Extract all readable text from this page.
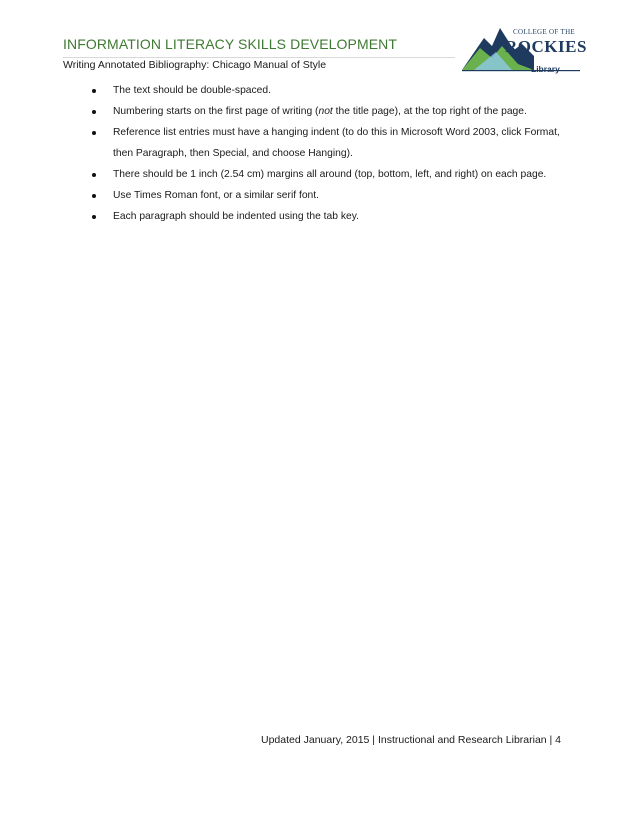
INFORMATION LITERACY SKILLS DEVELOPMENT
Writing Annotated Bibliography: Chicago Manual of Style
COLLEGE OF THE
ROCKIES
Library
The text should be double-spaced.
Numbering starts on the first page of writing (not the title page), at the top right of the page.
Reference list entries must have a hanging indent (to do this in Microsoft Word 2003, click Format, then Paragraph, then Special, and choose Hanging).
There should be 1 inch (2.54 cm) margins all around (top, bottom, left, and right) on each page.
Use Times Roman font, or a similar serif font.
Each paragraph should be indented using the tab key.
Updated January, 2015 | Instructional and Research Librarian | 4
